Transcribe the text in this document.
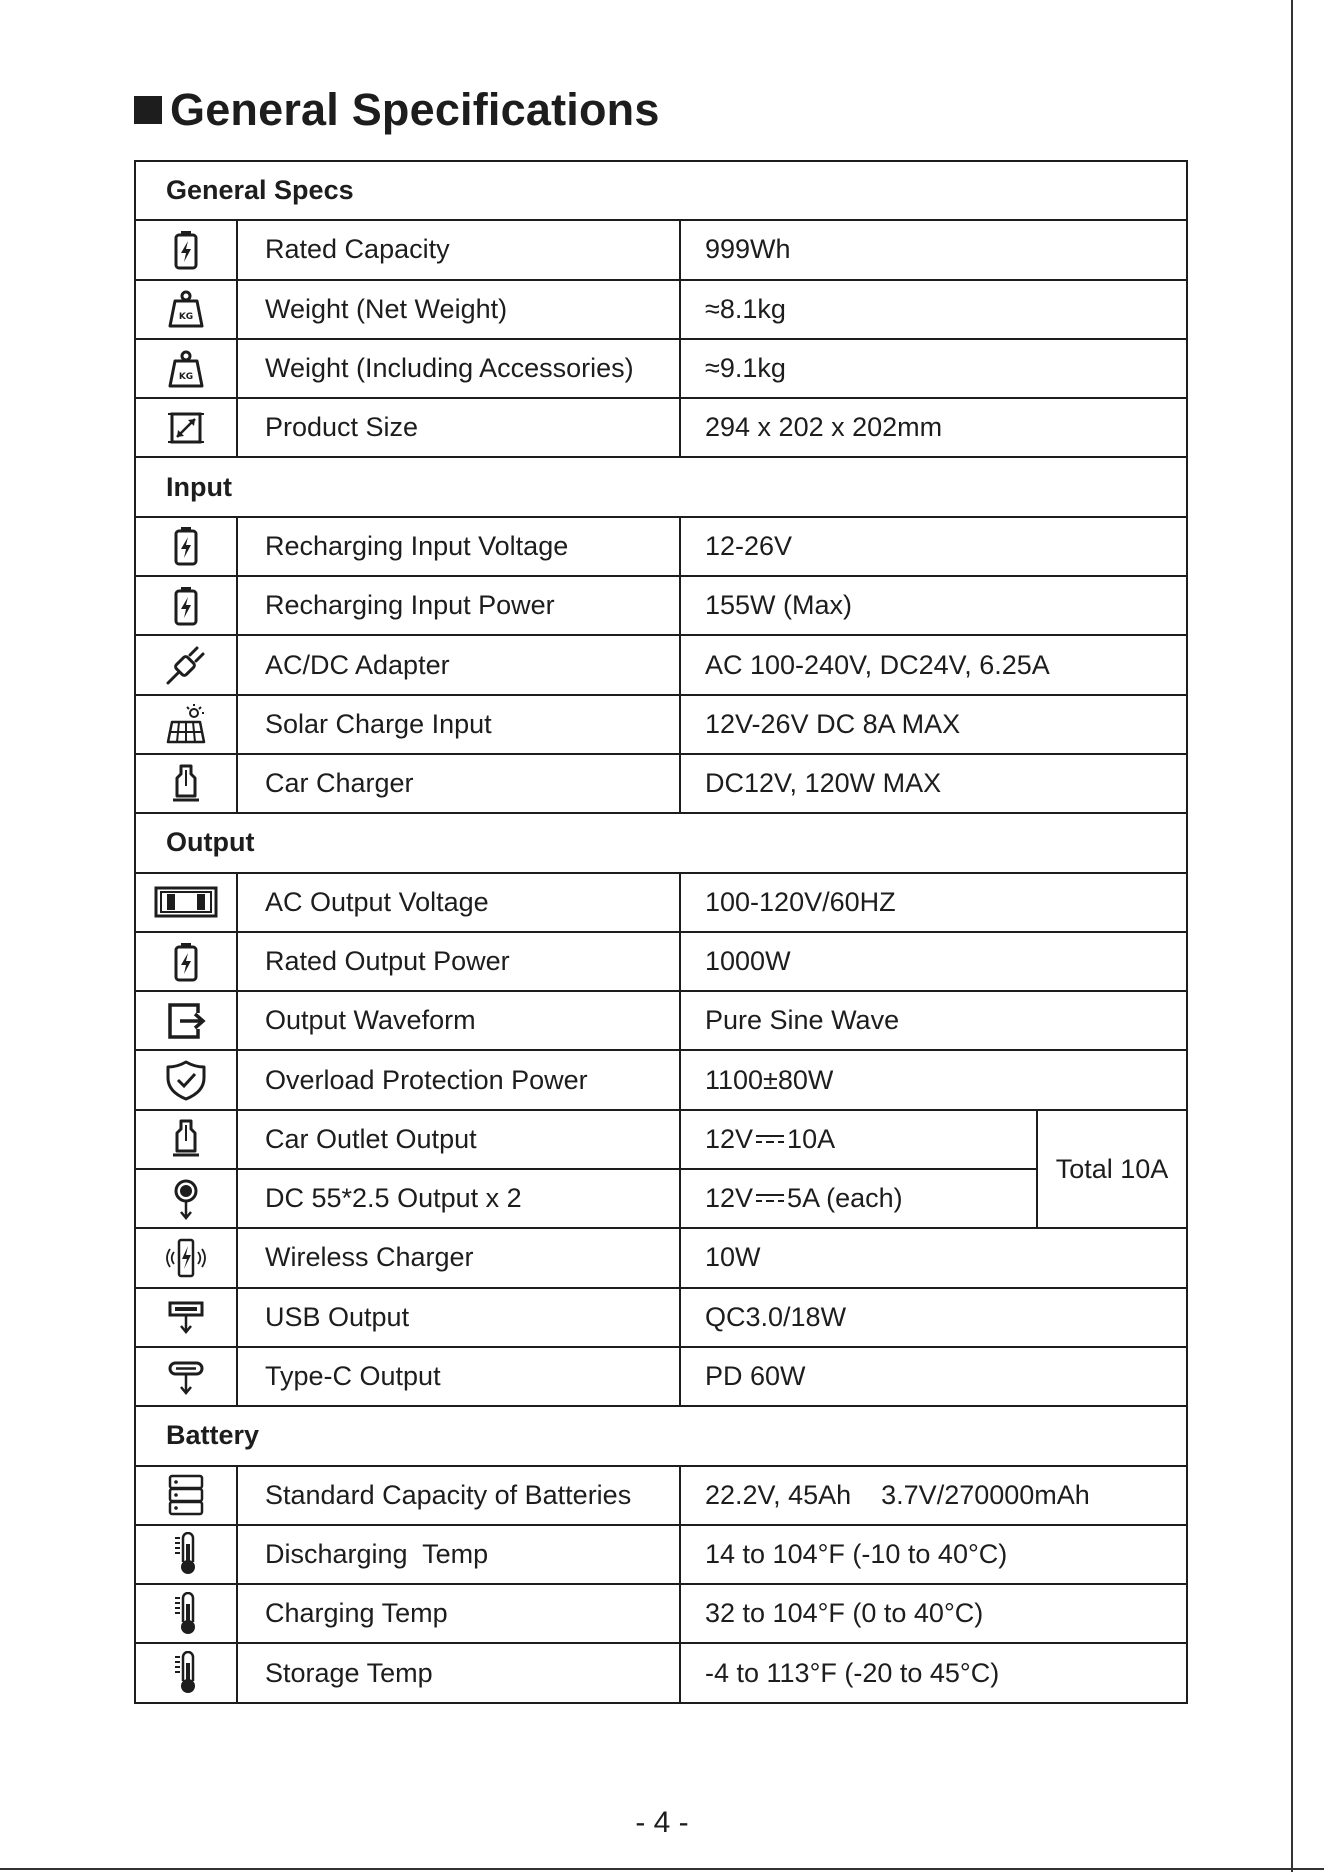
General Specifications
General Specs			

	Rated Capacity	999Wh	

KG	Weight (Net Weight)	≈8.1kg	

KG	Weight (Including Accessories)	≈9.1kg	

	Product Size	294 x 202 x 202mm	
Input			

	Recharging Input Voltage	12-26V	

	Recharging Input Power	155W (Max)	

	AC/DC Adapter	AC 100-240V, DC24V, 6.25A	

	Solar Charge Input	12V-26V DC 8A MAX	

	Car Charger	DC12V, 120W MAX	
Output			

	AC Output Voltage	100-120V/60HZ	

	Rated Output Power	1000W	

	Output Waveform	Pure Sine Wave	

	Overload Protection Power	1100±80W	

	Car Outlet Output	12V 10A	Total 10A

	DC 55*2.5 Output x 2	12V 5A (each)	

	Wireless Charger	10W	

	USB Output	QC3.0/18W	

	Type-C Output	PD 60W	
Battery			

	Standard Capacity of Batteries	22.2V, 45Ah    3.7V/270000mAh	

	Discharging  Temp	14 to 104°F (-10 to 40°C)	

	Charging Temp	32 to 104°F (0 to 40°C)	

	Storage Temp	-4 to 113°F (-20 to 45°C)	
- 4 -
